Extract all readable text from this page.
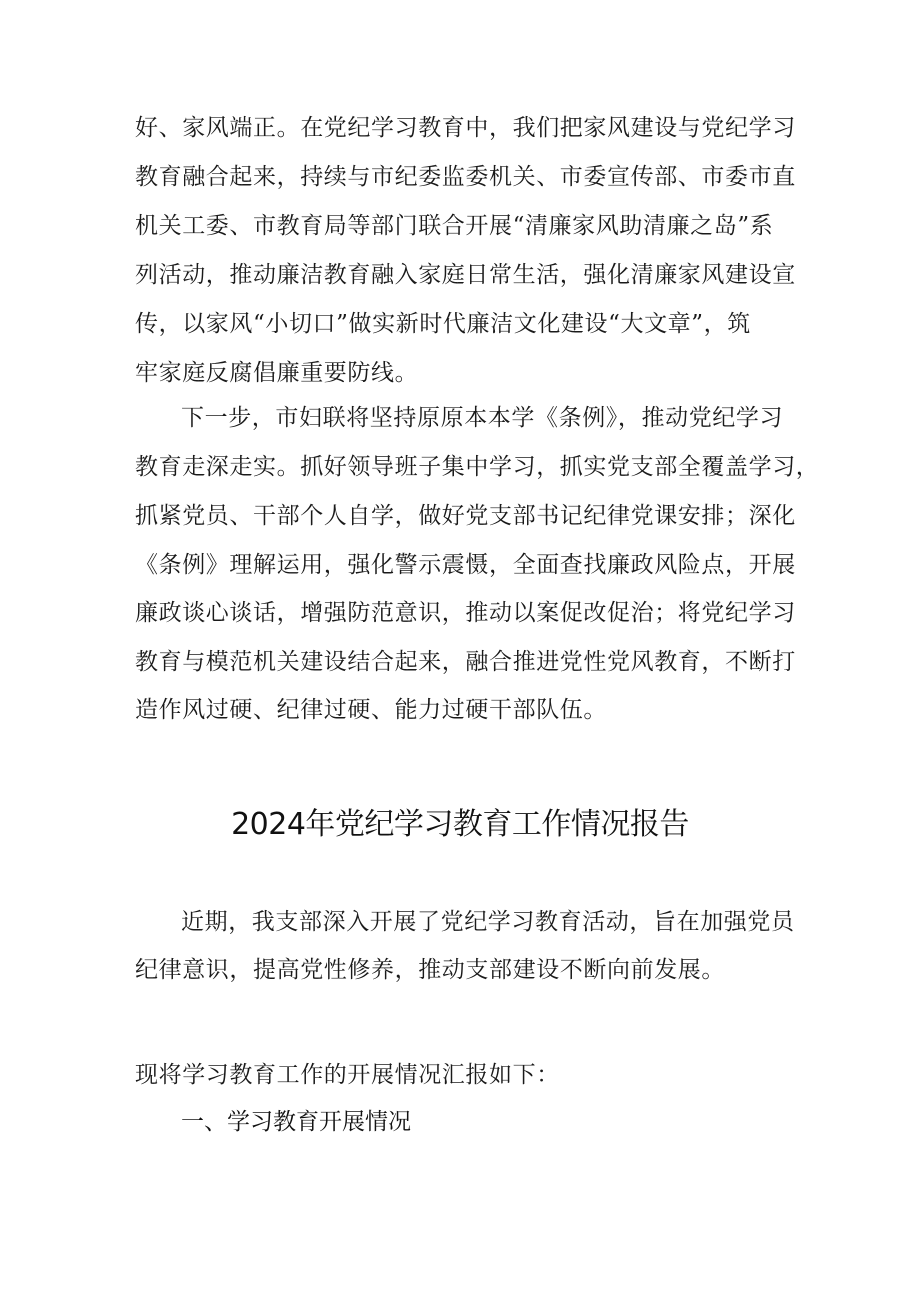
好、家风端正。在党纪学习教育中，我们把家风建设与党纪学习
教育融合起来，持续与市纪委监委机关、市委宣传部、市委市直
机关工委、市教育局等部门联合开展“清廉家风助清廉之岛”系
列活动，推动廉洁教育融入家庭日常生活，强化清廉家风建设宣
传，以家风“小切口”做实新时代廉洁文化建设“大文章”，筑
牢家庭反腐倡廉重要防线。
下一步，市妇联将坚持原原本本学《条例》，推动党纪学习
教育走深走实。抓好领导班子集中学习，抓实党支部全覆盖学习，
抓紧党员、干部个人自学，做好党支部书记纪律党课安排；深化
《条例》理解运用，强化警示震慑，全面查找廉政风险点，开展
廉政谈心谈话，增强防范意识，推动以案促改促治；将党纪学习
教育与模范机关建设结合起来，融合推进党性党风教育，不断打
造作风过硬、纪律过硬、能力过硬干部队伍。
2024年党纪学习教育工作情况报告
近期，我支部深入开展了党纪学习教育活动，旨在加强党员
纪律意识，提高党性修养，推动支部建设不断向前发展。
现将学习教育工作的开展情况汇报如下：
一、学习教育开展情况
